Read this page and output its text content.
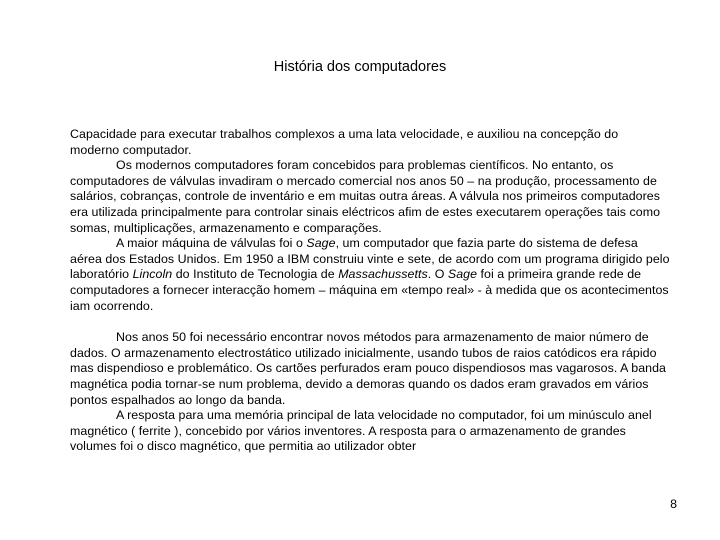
História dos computadores

Capacidade para executar trabalhos complexos a uma lata velocidade, e auxiliou na concepção do moderno computador.

Os modernos computadores foram concebidos para problemas científicos. No entanto, os computadores de válvulas invadiram o mercado comercial nos anos 50 – na produção, processamento de salários, cobranças, controle de inventário e em muitas outra áreas. A válvula nos primeiros computadores era utilizada principalmente para controlar sinais eléctricos afim de estes executarem operações tais como somas, multiplicações, armazenamento e comparações.

A maior máquina de válvulas foi o Sage, um computador que fazia parte do sistema de defesa aérea dos Estados Unidos. Em 1950 a IBM construiu vinte e sete, de acordo com um programa dirigido pelo laboratório Lincoln do Instituto de Tecnologia de Massachussetts. O Sage foi a primeira grande rede de computadores a fornecer interacção homem – máquina em «tempo real» - à medida que os acontecimentos iam ocorrendo.

Nos anos 50 foi necessário encontrar novos métodos para armazenamento de maior número de dados. O armazenamento electrostático utilizado inicialmente, usando tubos de raios catódicos era rápido mas dispendioso e problemático. Os cartões perfurados eram pouco dispendiosos mas vagarosos. A banda magnética podia tornar-se num problema, devido a demoras quando os dados eram gravados em vários pontos espalhados ao longo da banda.

A resposta para uma memória principal de lata velocidade no computador, foi um minúsculo anel magnético ( ferrite ), concebido por vários inventores. A resposta para o armazenamento de grandes volumes foi o disco magnético, que permitia ao utilizador obter

8
